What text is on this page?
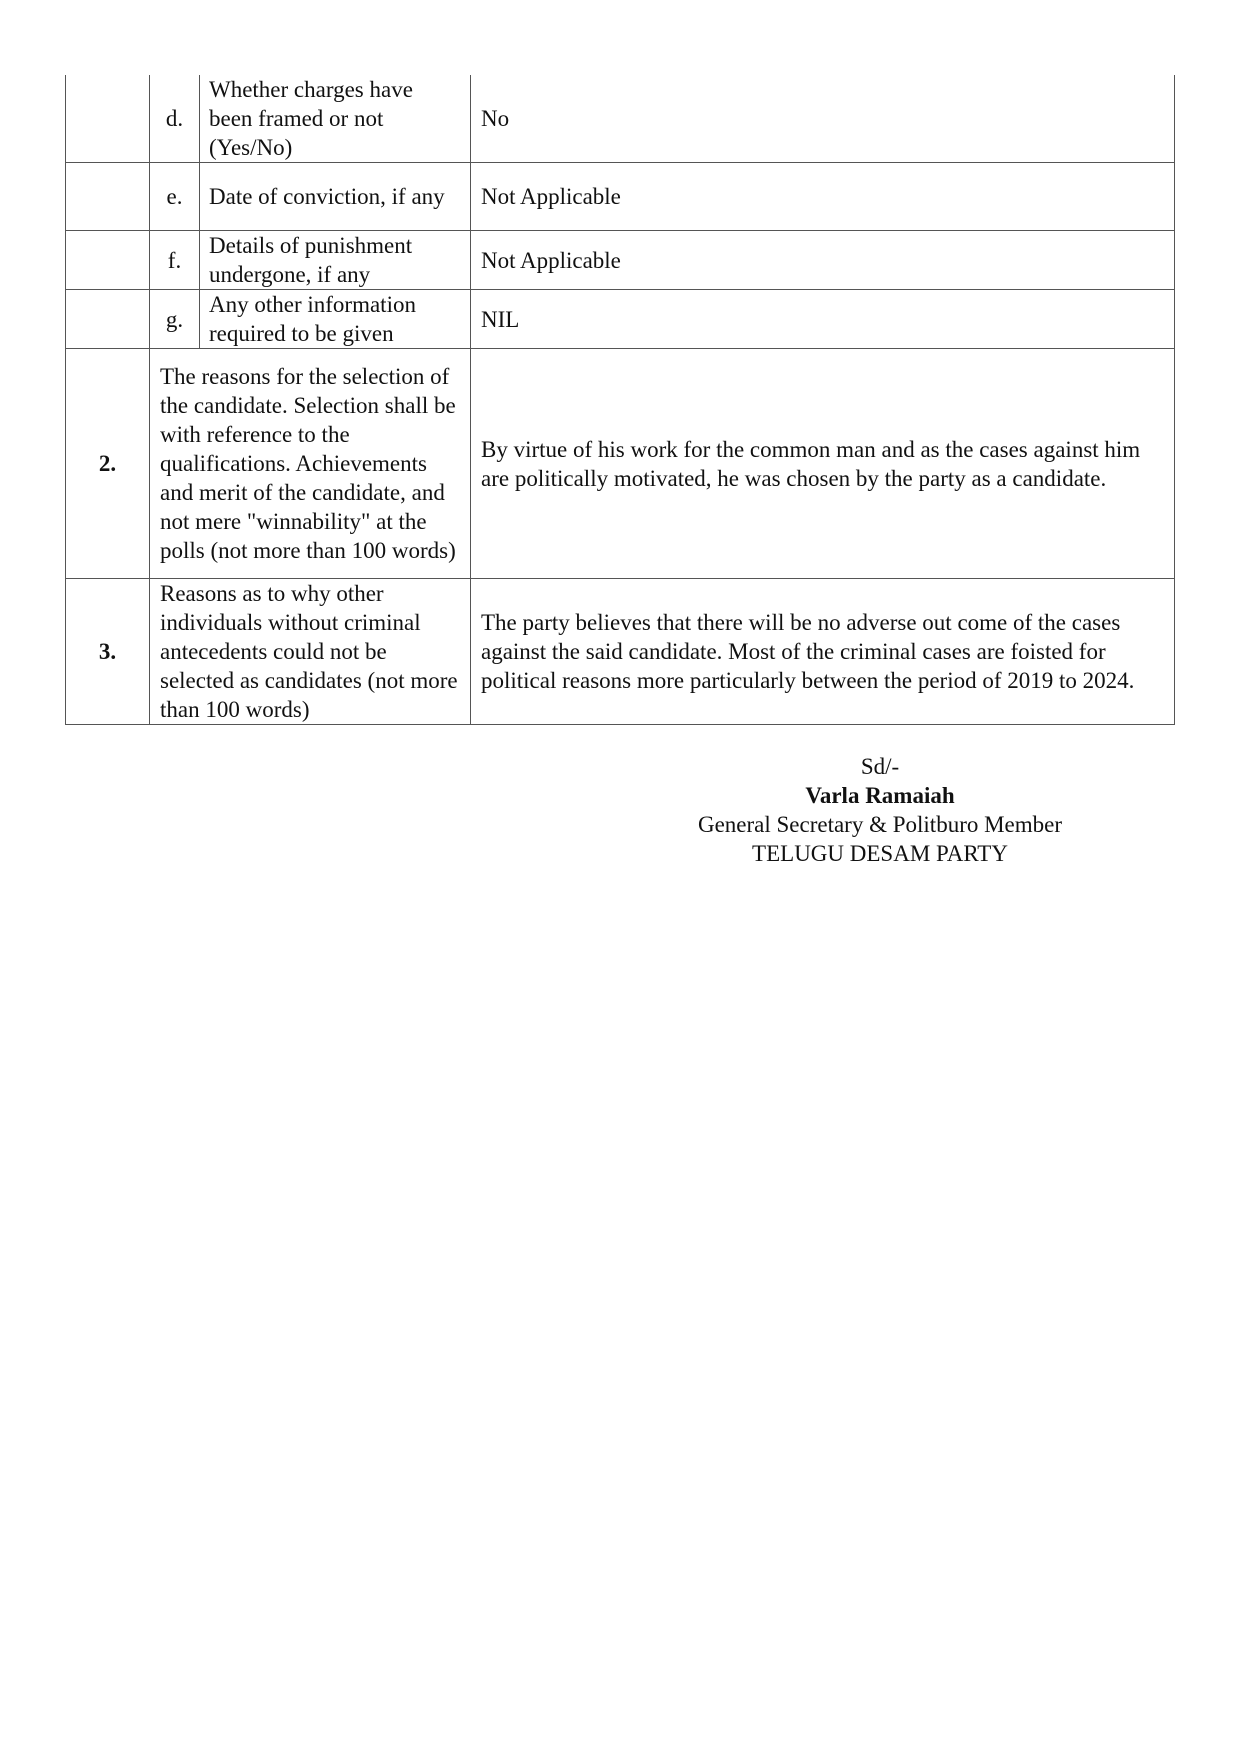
	d.	Whether charges have been framed or not (Yes/No)	No
	e.	Date of conviction, if any	Not Applicable
	f.	Details of punishment undergone, if any	Not Applicable
	g.	Any other information required to be given	NIL
2.	The reasons for the selection of the candidate. Selection shall be with reference to the qualifications. Achievements and merit of the candidate, and not mere "winnability" at the polls (not more than 100 words)		By virtue of his work for the common man and as the cases against him are politically motivated, he was chosen by the party as a candidate.
3.	Reasons as to why other individuals without criminal antecedents could not be selected as candidates (not more than 100 words)		The party believes that there will be no adverse out come of the cases against the said candidate. Most of the criminal cases are foisted for political reasons more particularly between the period of 2019 to 2024.
Sd/-
Varla Ramaiah
General Secretary & Politburo Member
TELUGU DESAM PARTY
